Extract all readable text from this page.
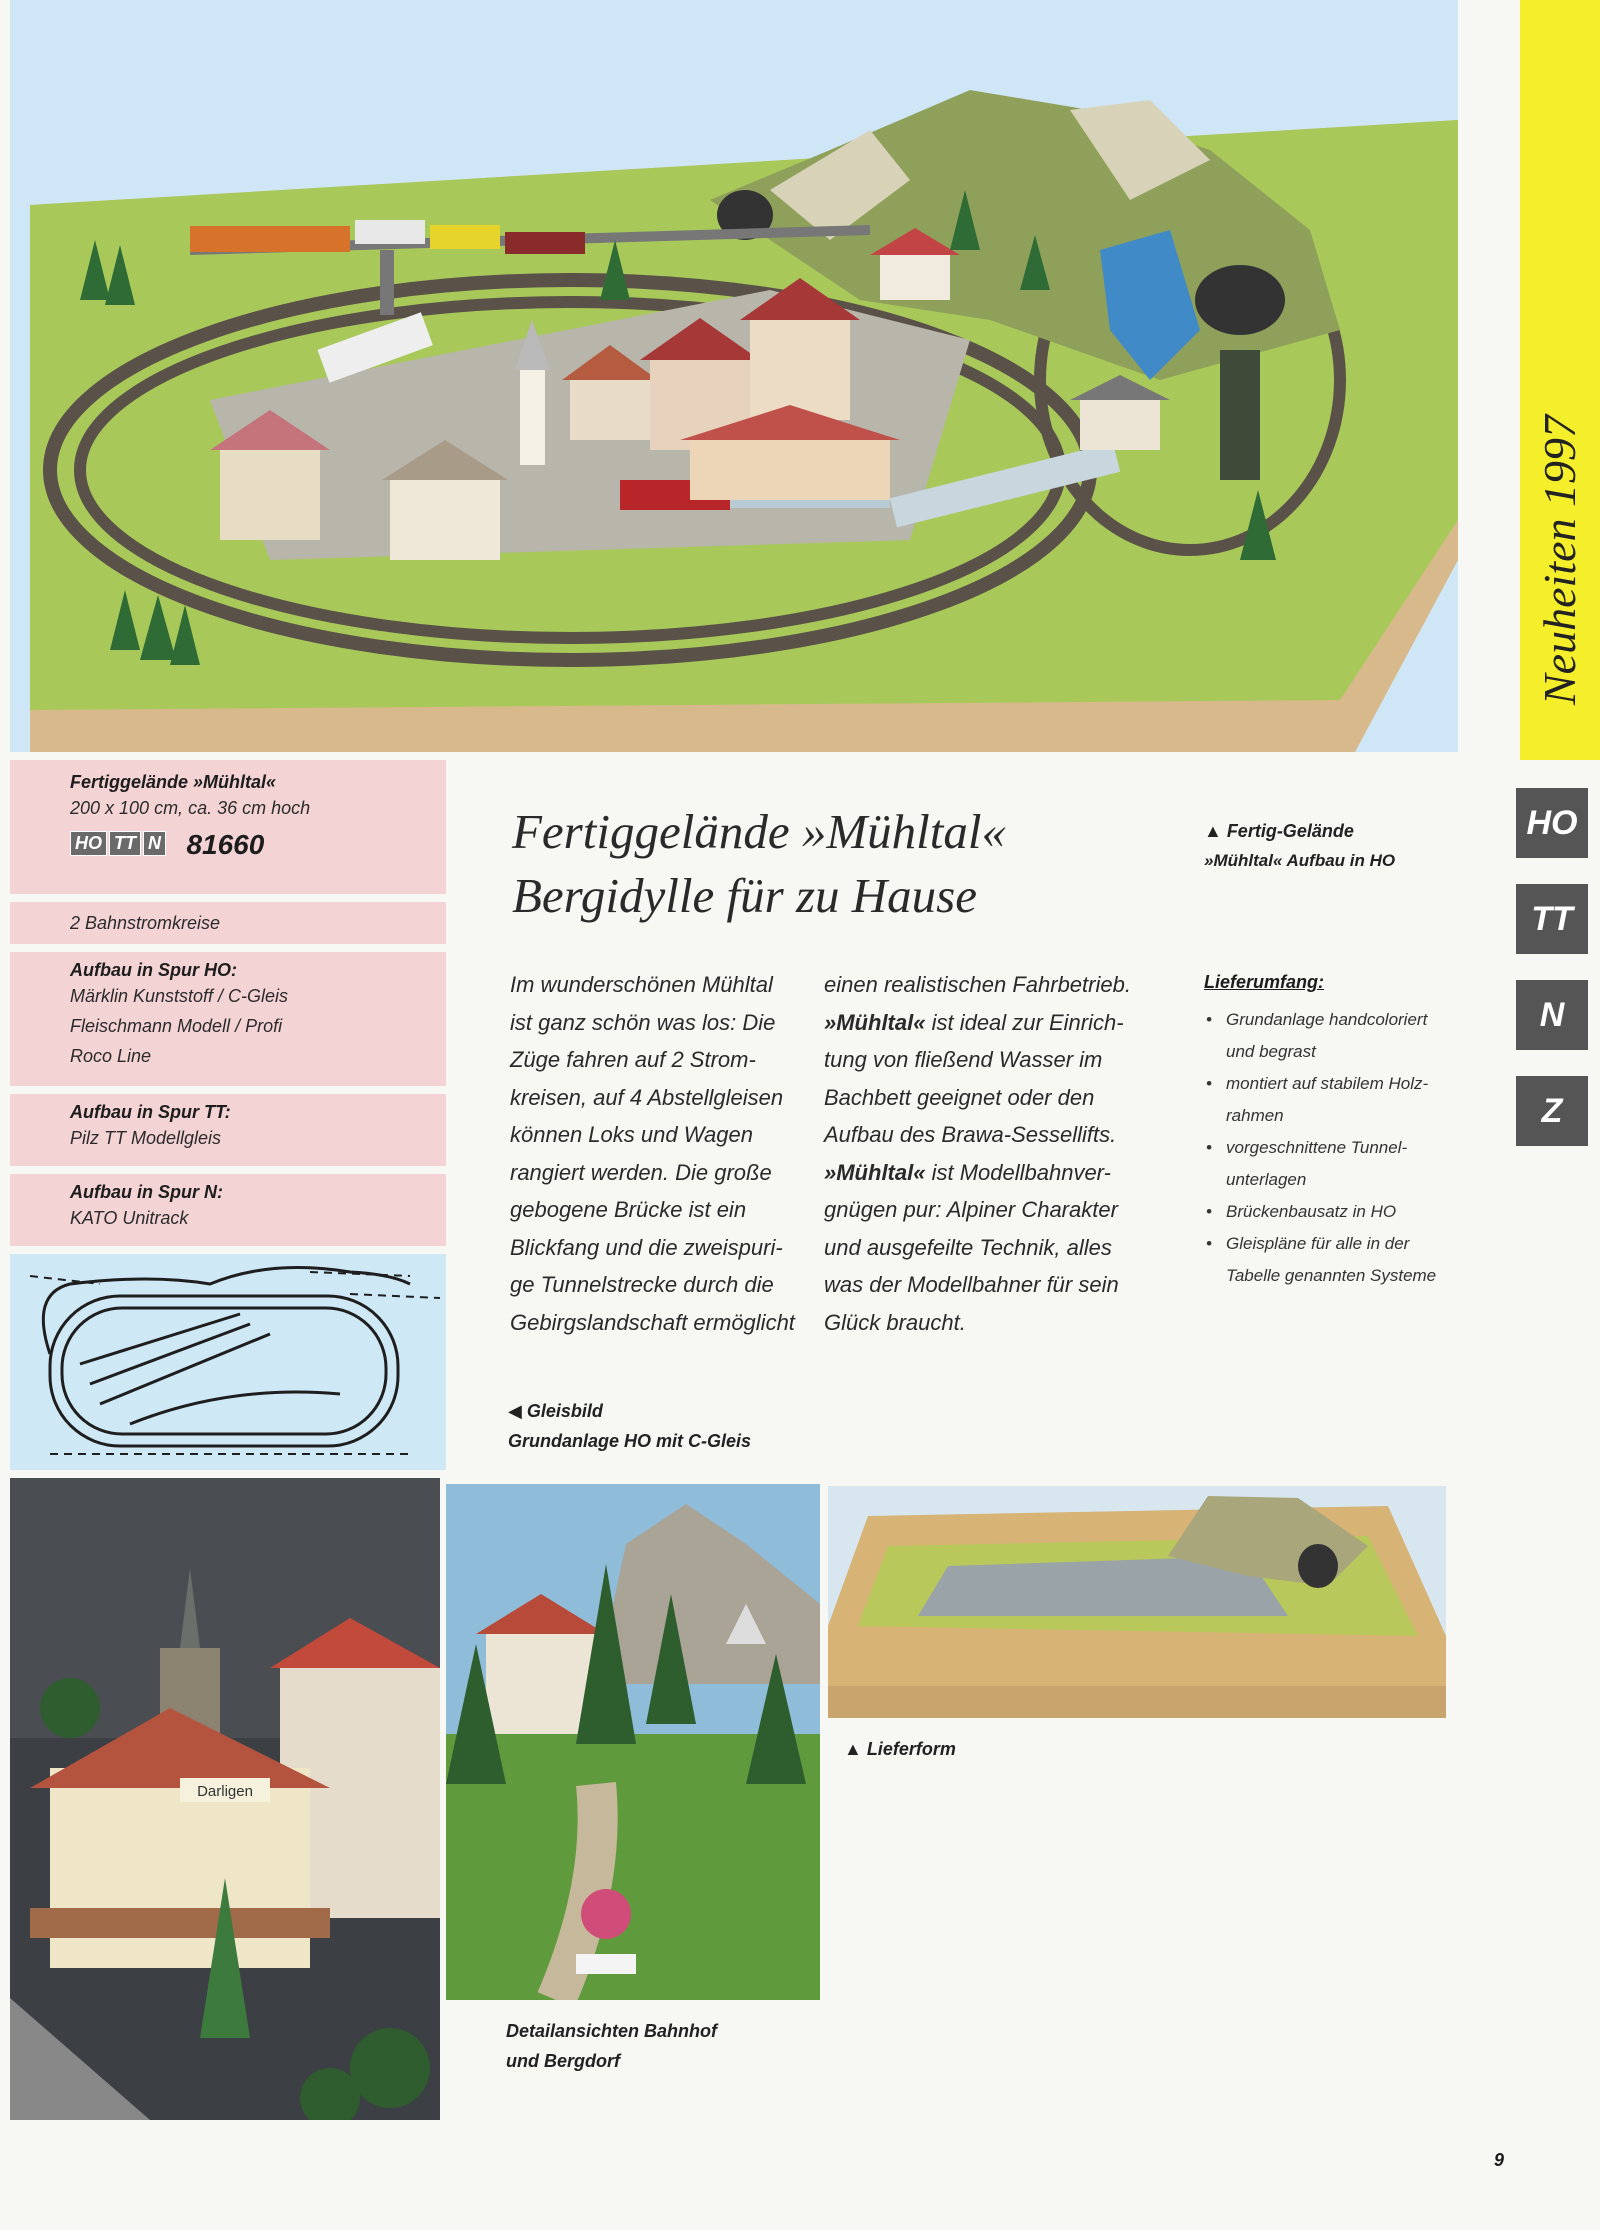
Neuheiten 1997
HO
TT
N
Z
Fertiggelände »Mühltal«
200 x 100 cm, ca. 36 cm hoch
HO TT N 81660
2 Bahnstromkreise
Aufbau in Spur HO:
Märklin Kunststoff / C-Gleis
Fleischmann Modell / Profi
Roco Line
Aufbau in Spur TT:
Pilz TT Modellgleis
Aufbau in Spur N:
KATO Unitrack
Fertiggelände »Mühltal«
Bergidylle für zu Hause
▲ Fertig-Gelände
»Mühltal« Aufbau in HO

Im wunderschönen Mühltal
ist ganz schön was los: Die
Züge fahren auf 2 Strom-
kreisen, auf 4 Abstellgleisen
können Loks und Wagen
rangiert werden. Die große
gebogene Brücke ist ein
Blickfang und die zweispuri-
ge Tunnelstrecke durch die
Gebirgslandschaft ermöglicht

einen realistischen Fahrbetrieb.

»Mühltal« ist ideal zur Einrich-
tung von fließend Wasser im
Bachbett geeignet oder den
Aufbau des Brawa-Sessellifts.

»Mühltal« ist Modellbahnver-
gnügen pur: Alpiner Charakter
und ausgefeilte Technik, alles
was der Modellbahner für sein
Glück braucht.

Lieferumfang:
• Grundanlage handcoloriert
und begrast
• montiert auf stabilem Holz-
rahmen
• vorgeschnittene Tunnel-
unterlagen
• Brückenbausatz in HO
• Gleispläne für alle in der
Tabelle genannten Systeme
◀ Gleisbild
Grundanlage HO mit C-Gleis
Darligen
▲ Lieferform
Detailansichten Bahnhof
und Bergdorf
9
